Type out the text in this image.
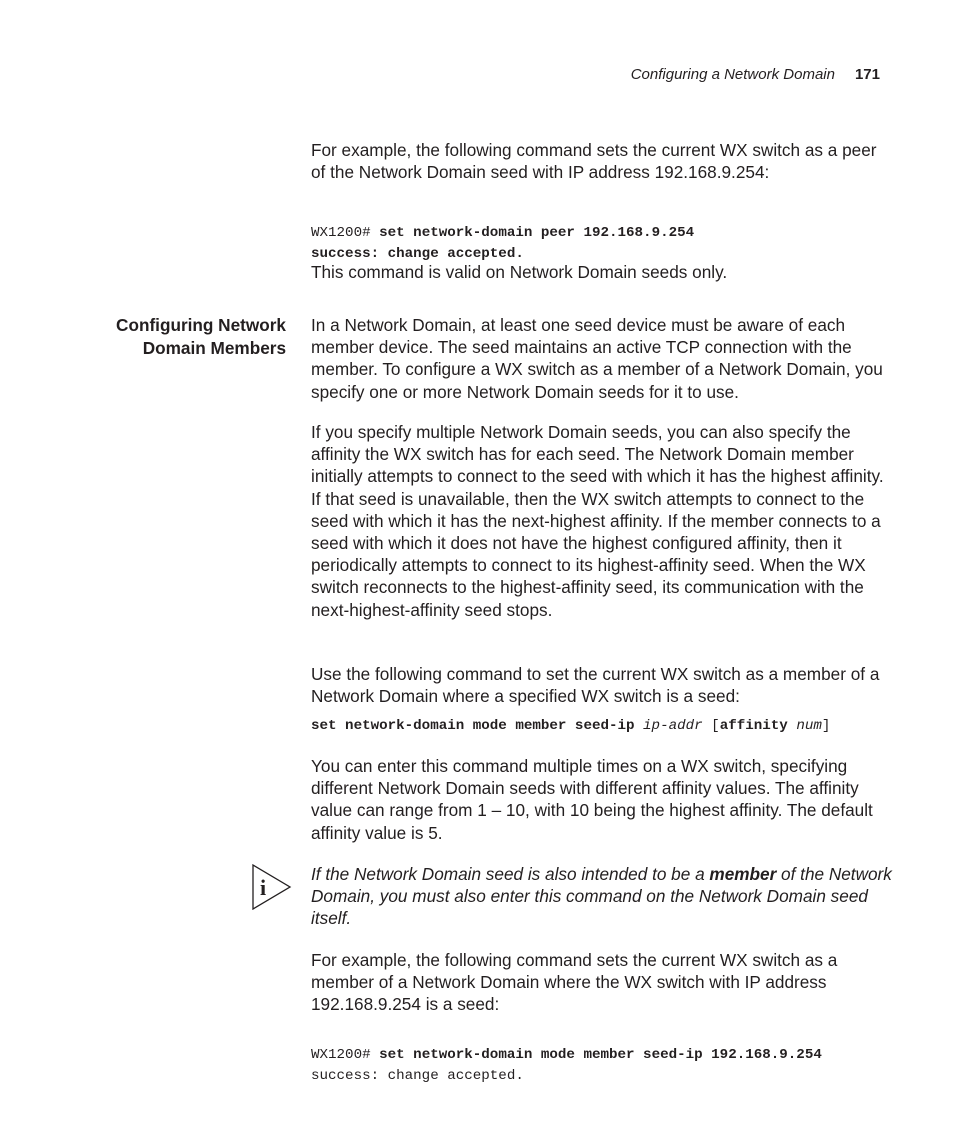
Configuring a Network Domain 171

For example, the following command sets the current WX switch as a peer of the Network Domain seed with IP address 192.168.9.254:

WX1200# set network-domain peer 192.168.9.254
success: change accepted.

This command is valid on Network Domain seeds only.

Configuring Network
Domain Members

In a Network Domain, at least one seed device must be aware of each member device. The seed maintains an active TCP connection with the member. To configure a WX switch as a member of a Network Domain, you specify one or more Network Domain seeds for it to use.

If you specify multiple Network Domain seeds, you can also specify the affinity the WX switch has for each seed. The Network Domain member initially attempts to connect to the seed with which it has the highest affinity. If that seed is unavailable, then the WX switch attempts to connect to the seed with which it has the next-highest affinity. If the member connects to a seed with which it does not have the highest configured affinity, then it periodically attempts to connect to its highest-affinity seed. When the WX switch reconnects to the highest-affinity seed, its communication with the next-highest-affinity seed stops.

Use the following command to set the current WX switch as a member of a Network Domain where a specified WX switch is a seed:

set network-domain mode member seed-ip ip-addr [affinity num]

You can enter this command multiple times on a WX switch, specifying different Network Domain seeds with different affinity values. The affinity value can range from 1 – 10, with 10 being the highest affinity. The default affinity value is 5.

i

If the Network Domain seed is also intended to be a member of the Network Domain, you must also enter this command on the Network Domain seed itself.

For example, the following command sets the current WX switch as a member of a Network Domain where the WX switch with IP address 192.168.9.254 is a seed:

WX1200# set network-domain mode member seed-ip 192.168.9.254
success: change accepted.
